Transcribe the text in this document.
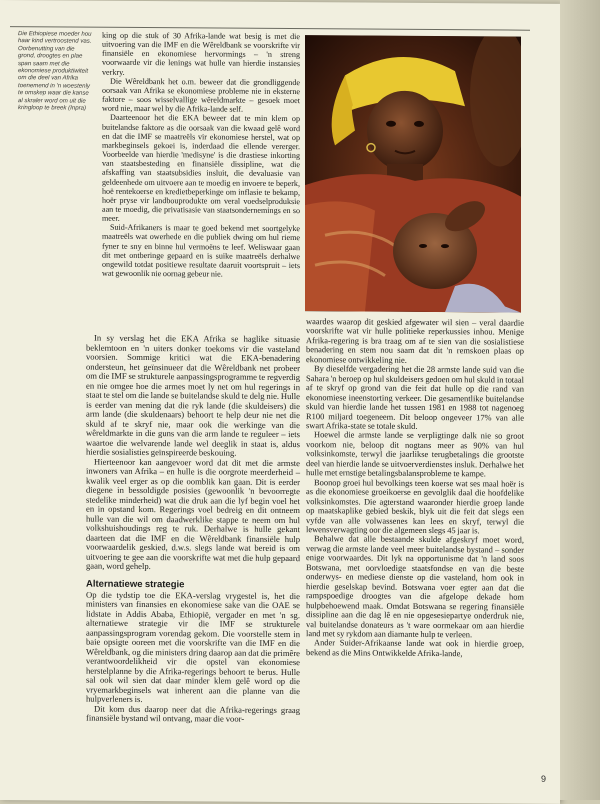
Die Ethiopiese moeder hou haar kind vertroostend vas. Oorbenutting van die grond, droogtes en plae span saam met die ekonomiese produktiwiteit om die deel van Afrika toenemend in 'n woestenly te omskep waar die kanse al skraler word om uit die kringloop te breek (Inpra)

king op die stuk of 30 Afrika-lande wat besig is met die uitvoering van die IMF en die Wêreldbank se voorskrifte vir finansiële en ekonomiese hervormings – 'n streng voorwaarde vir die lenings wat hulle van hierdie instansies verkry.

Die Wêreldbank het o.m. beweer dat die grondliggende oorsaak van Afrika se ekonomiese probleme nie in eksterne faktore – soos wisselvallige wêreldmarkte – gesoek moet word nie, maar wel by die Afrika-lande self.

Daarteenoor het die EKA beweer dat te min klem op buitelandse faktore as die oorsaak van die kwaad gelê word en dat die IMF se maatreëls vir ekonomiese herstel, wat op markbeginsels gekoei is, inderdaad die ellende vererger. Voorbeelde van hierdie 'medisyne' is die drastiese inkorting van staatsbesteding en finansiële dissipline, wat die afskaffing van staatsubsidies insluit, die devaluasie van geldeenhede om uitvoere aan te moedig en invoere te beperk, hoë rentekoerse en kredietbeperkinge om inflasie te bekamp, hoër pryse vir landbouprodukte om veral voedselproduksie aan te moedig, die privatisasie van staatsondernemings en so meer.

Suid-Afrikaners is maar te goed bekend met soortgelyke maatreëls wat owerhede en die publiek dwing om hul rieme fyner te sny en binne hul vermoëns te leef. Weliswaar gaan dit met ontberinge gepaard en is suike maatreëls derhalwe ongewild totdat positiewe resultate daaruit voortspruit – iets wat gewoonlik nie oornag gebeur nie.

In sy verslag het die EKA Afrika se haglike situasie beklemtoon en 'n uiters donker toekoms vir die vasteland voorsien. Sommige kritici wat die EKA-benadering ondersteun, het geïnsinueer dat die Wêreldbank net probeer om die IMF se strukturele aanpassingsprogramme te regverdig en nie omgee hoe die armes moet ly net om hul regerings in staat te stel om die lande se buitelandse skuld te delg nie. Hulle is eerder van mening dat die ryk lande (die skuldeisers) die arm lande (die skuldenaars) behoort te help deur nie net die skuld af te skryf nie, maar ook die werkinge van die wêreldmarkte in die guns van die arm lande te reguleer – iets waartoe die welvarende lande wel deeglik in staat is, aldus hierdie sosialisties geïnspireerde beskouing.

Hierteenoor kan aangevoer word dat dit met die armste inwoners van Afrika – en hulle is die oorgrote meerderheid – kwalik veel erger as op die oomblik kan gaan. Dit is eerder diegene in bessoldigde posisies (gewoonlik 'n bevoorregte stedelike minderheid) wat die druk aan die lyf begin voel het en in opstand kom. Regerings voel bedreig en dit ontneem hulle van die wil om daadwerklike stappe te neem om hul volkshuishoudings reg te ruk. Derhalwe is hulle gekant daarteen dat die IMF en die Wêreldbank finansiële hulp voorwaardelik geskied, d.w.s. slegs lande wat bereid is om uitvoering te gee aan die voorskrifte wat met die hulp gepaard gaan, word gehelp.

Alternatiewe strategie

Op die tydstip toe die EKA-verslag vrygestel is, het die ministers van finansies en ekonomiese sake van die OAE se lidstate in Addis Ababa, Ethiopië, vergader en met 'n sg. alternatiewe strategie vir die IMF se strukturele aanpassingsprogram vorendag gekom. Die voorstelle stem in baie opsigte ooreen met die voorskrifte van die IMF en die Wêreldbank, og die ministers dring daarop aan dat die primêre verantwoordelikheid vir die opstel van ekonomiese herstelplanne by die Afrika-regerings behoort te berus. Hulle sal ook wil sien dat daar minder klem gelê word op die vryemarkbeginsels wat inherent aan die planne van die hulpverleners is.

Dit kom dus daarop neer dat die Afrika-regerings graag finansiële bystand wil ontvang, maar die voor-

waardes waarop dit geskied afgewater wil sien – veral daardie voorskrifte wat vir hulle politieke reperkussies inhou. Menige Afrika-regering is bra traag om af te sien van die sosialistiese benadering en stem nou saam dat dit 'n remskoen plaas op ekonomiese ontwikkeling nie.

By dieselfde vergadering het die 28 armste lande suid van die Sahara 'n beroep op hul skuldeisers gedoen om hul skuld in totaal af te skryf op grond van die feit dat hulle op die rand van ekonomiese ineenstorting verkeer. Die gesamentlike buitelandse skuld van hierdie lande het tussen 1981 en 1988 tot nagenoeg R100 miljard toegeneem. Dit beloop ongeveer 17% van alle swart Afrika-state se totale skuld.

Hoewel die armste lande se verpligtinge dalk nie so groot voorkom nie, beloop dit nogtans meer as 90% van hul volksinkomste, terwyl die jaarlikse terugbetalings die grootste deel van hierdie lande se uitvoerverdienstes insluk. Derhalwe het hulle met ernstige betalingsbalansprobleme te kampe.

Boonop groei hul bevolkings teen koerse wat ses maal hoër is as die ekonomiese groeikoerse en gevolglik daal die hoofdelike volksinkomstes. Die agterstand waaronder hierdie groep lande op maatskaplike gebied beskik, blyk uit die feit dat slegs een vyfde van alle volwassenes kan lees en skryf, terwyl die lewensverwagting oor die algemeen slegs 45 jaar is.

Behalwe dat alle bestaande skulde afgeskryf moet word, verwag die armste lande veel meer buitelandse bystand – sonder enige voorwaardes. Dit lyk na opportunisme dat 'n land soos Botswana, met oorvloedige staatsfondse en van die beste onderwys- en mediese dienste op die vasteland, hom ook in hierdie geselskap bevind. Botswana voer egter aan dat die rampspoedige droogtes van die afgelope dekade hom hulpbehoewend maak. Omdat Botswana se regering finansiële dissipline aan die dag lê en nie opgesesiepartye onderdruk nie, val buitelandse donateurs as 't ware oormekaar om aan hierdie land met sy rykdom aan diamante hulp te verleen.

Ander Suider-Afrikaanse lande wat ook in hierdie groep, bekend as die Mins Ontwikkelde Afrika-lande,

9
